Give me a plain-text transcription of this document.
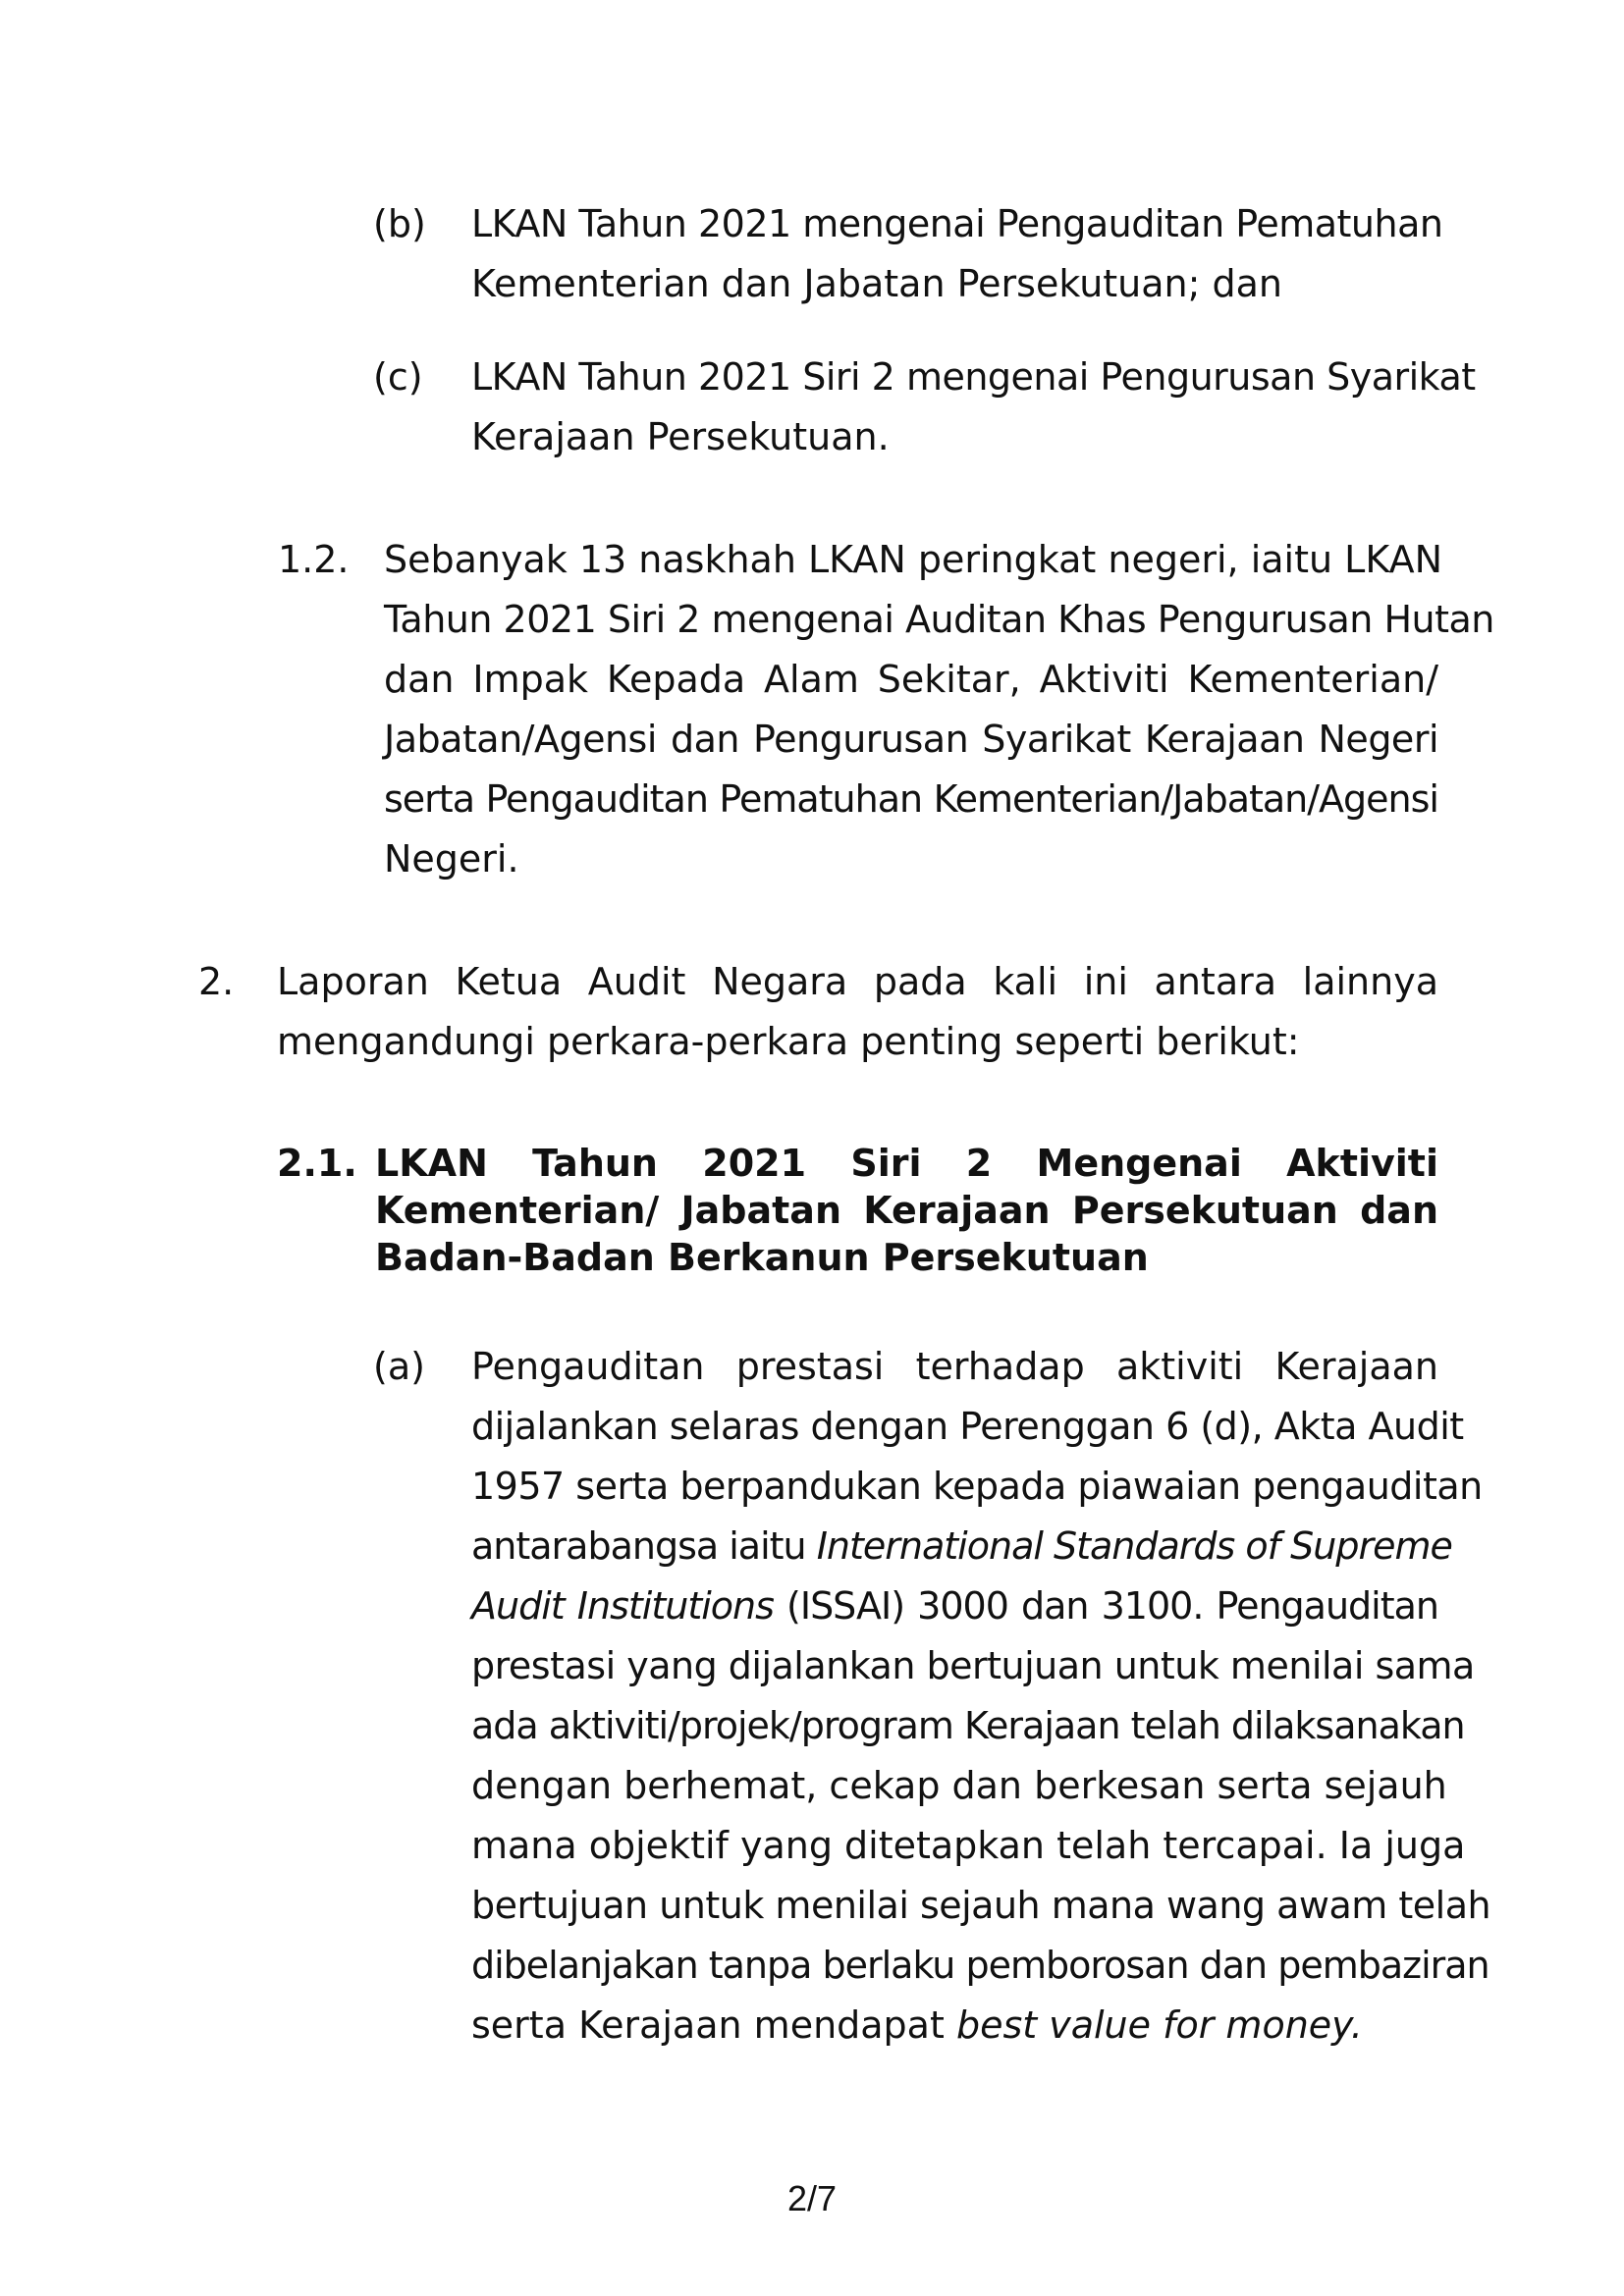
(b) LKAN Tahun 2021 mengenai Pengauditan Pematuhan
Kementerian dan Jabatan Persekutuan; dan
(c) LKAN Tahun 2021 Siri 2 mengenai Pengurusan Syarikat
Kerajaan Persekutuan.
1.2. Sebanyak 13 naskhah LKAN peringkat negeri, iaitu LKAN
Tahun 2021 Siri 2 mengenai Auditan Khas Pengurusan Hutan
dan Impak Kepada Alam Sekitar, Aktiviti Kementerian/
Jabatan/Agensi dan Pengurusan Syarikat Kerajaan Negeri
serta Pengauditan Pematuhan Kementerian/Jabatan/Agensi
Negeri.
2. Laporan Ketua Audit Negara pada kali ini antara lainnya
mengandungi perkara-perkara penting seperti berikut:
2.1. LKAN Tahun 2021 Siri 2 Mengenai Aktiviti
Kementerian/ Jabatan Kerajaan Persekutuan dan
Badan-Badan Berkanun Persekutuan
(a) Pengauditan prestasi terhadap aktiviti Kerajaan
dijalankan selaras dengan Perenggan 6 (d), Akta Audit
1957 serta berpandukan kepada piawaian pengauditan
antarabangsa iaitu International Standards of Supreme
Audit Institutions (ISSAI) 3000 dan 3100. Pengauditan
prestasi yang dijalankan bertujuan untuk menilai sama
ada aktiviti/projek/program Kerajaan telah dilaksanakan
dengan berhemat, cekap dan berkesan serta sejauh
mana objektif yang ditetapkan telah tercapai. Ia juga
bertujuan untuk menilai sejauh mana wang awam telah
dibelanjakan tanpa berlaku pemborosan dan pembaziran
serta Kerajaan mendapat best value for money.
2/7
